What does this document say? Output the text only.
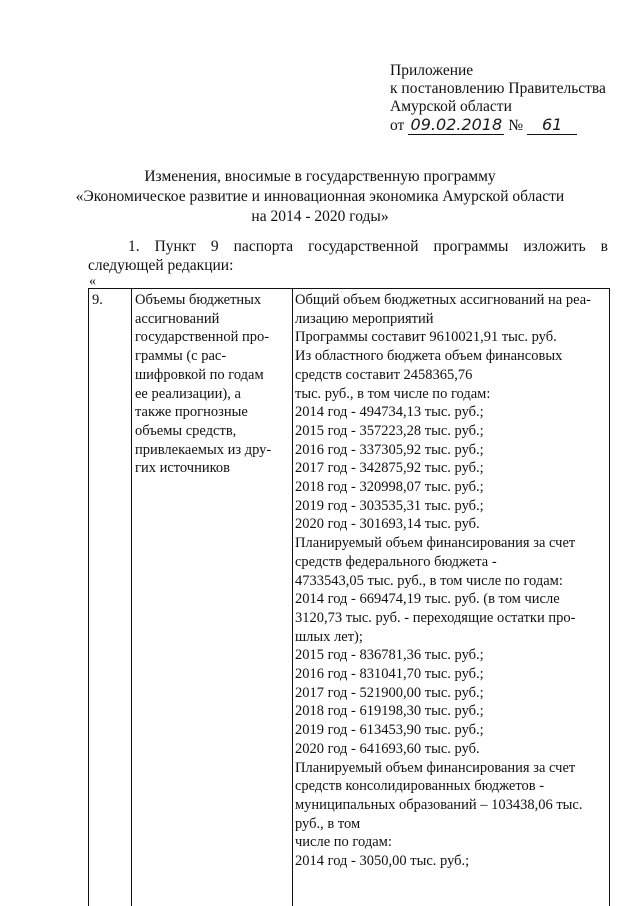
Приложение
к постановлению Правительства
Амурской области
от 09.02.2018 № 61
Изменения, вносимые в государственную программу
«Экономическое развитие и инновационная экономика Амурской области
на 2014 - 2020 годы»
1. Пункт 9 паспорта государственной программы изложить в следующей редакции:
«
9.	Объемы бюджетных
ассигнований
государственной про-
граммы (с рас-
шифровкой по годам
ее реализации), а
также прогнозные
объемы средств,
привлекаемых из дру-
гих источников
Общий объем бюджетных ассигнований на реа-
лизацию мероприятий
Программы составит 9610021,91 тыс. руб.
Из областного бюджета объем финансовых
средств составит 2458365,76
тыс. руб., в том числе по годам:
2014 год - 494734,13 тыс. руб.;
2015 год - 357223,28 тыс. руб.;
2016 год - 337305,92 тыс. руб.;
2017 год - 342875,92 тыс. руб.;
2018 год - 320998,07 тыс. руб.;
2019 год - 303535,31 тыс. руб.;
2020 год - 301693,14 тыс. руб.
Планируемый объем финансирования за счет
средств федерального бюджета -
4733543,05 тыс. руб., в том числе по годам:
2014 год - 669474,19 тыс. руб. (в том числе
3120,73 тыс. руб. - переходящие остатки про-
шлых лет);
2015 год - 836781,36 тыс. руб.;
2016 год - 831041,70 тыс. руб.;
2017 год - 521900,00 тыс. руб.;
2018 год - 619198,30 тыс. руб.;
2019 год - 613453,90 тыс. руб.;
2020 год - 641693,60 тыс. руб.
Планируемый объем финансирования за счет
средств консолидированных бюджетов -
муниципальных образований – 103438,06 тыс.
руб., в том
числе по годам:
2014 год - 3050,00 тыс. руб.;
